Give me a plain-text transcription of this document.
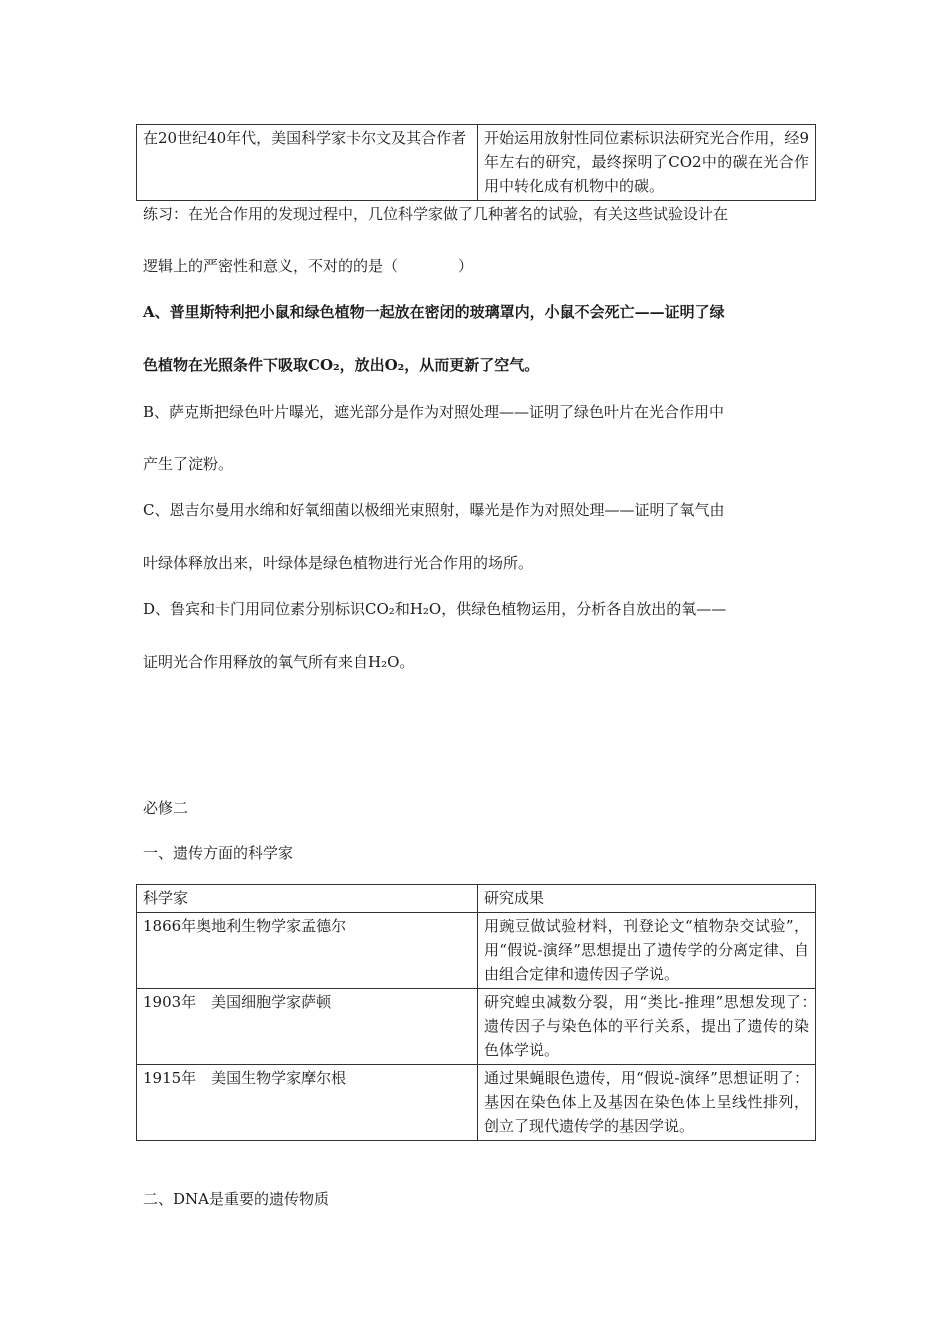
在20世纪40年代，美国科学家卡尔文及其合作者	开始运用放射性同位素标识法研究光合作用，经9年左右的研究，最终探明了CO2中的碳在光合作用中转化成有机物中的碳。
练习：在光合作用的发现过程中，几位科学家做了几种著名的试验，有关这些试验设计在
逻辑上的严密性和意义，不对的的是（　　　　）
A、普里斯特利把小鼠和绿色植物一起放在密闭的玻璃罩内，小鼠不会死亡——证明了绿
色植物在光照条件下吸取CO₂，放出O₂，从而更新了空气。
B、萨克斯把绿色叶片曝光，遮光部分是作为对照处理——证明了绿色叶片在光合作用中
产生了淀粉。
C、恩吉尔曼用水绵和好氧细菌以极细光束照射，曝光是作为对照处理——证明了氧气由
叶绿体释放出来，叶绿体是绿色植物进行光合作用的场所。
D、鲁宾和卡门用同位素分别标识CO₂和H₂O，供绿色植物运用，分析各自放出的氧——
证明光合作用释放的氧气所有来自H₂O。
必修二
一、遗传方面的科学家
科学家	研究成果
1866年奥地利生物学家孟德尔	用豌豆做试验材料，刊登论文“植物杂交试验”，用“假说-演绎”思想提出了遗传学的分离定律、自由组合定律和遗传因子学说。
1903年　美国细胞学家萨顿	研究蝗虫减数分裂，用“类比-推理”思想发现了：　遗传因子与染色体的平行关系，提出了遗传的染色体学说。
1915年　美国生物学家摩尔根	通过果蝇眼色遗传，用“假说-演绎”思想证明了：基因在染色体上及基因在染色体上呈线性排列，创立了现代遗传学的基因学说。
二、DNA是重要的遗传物质
